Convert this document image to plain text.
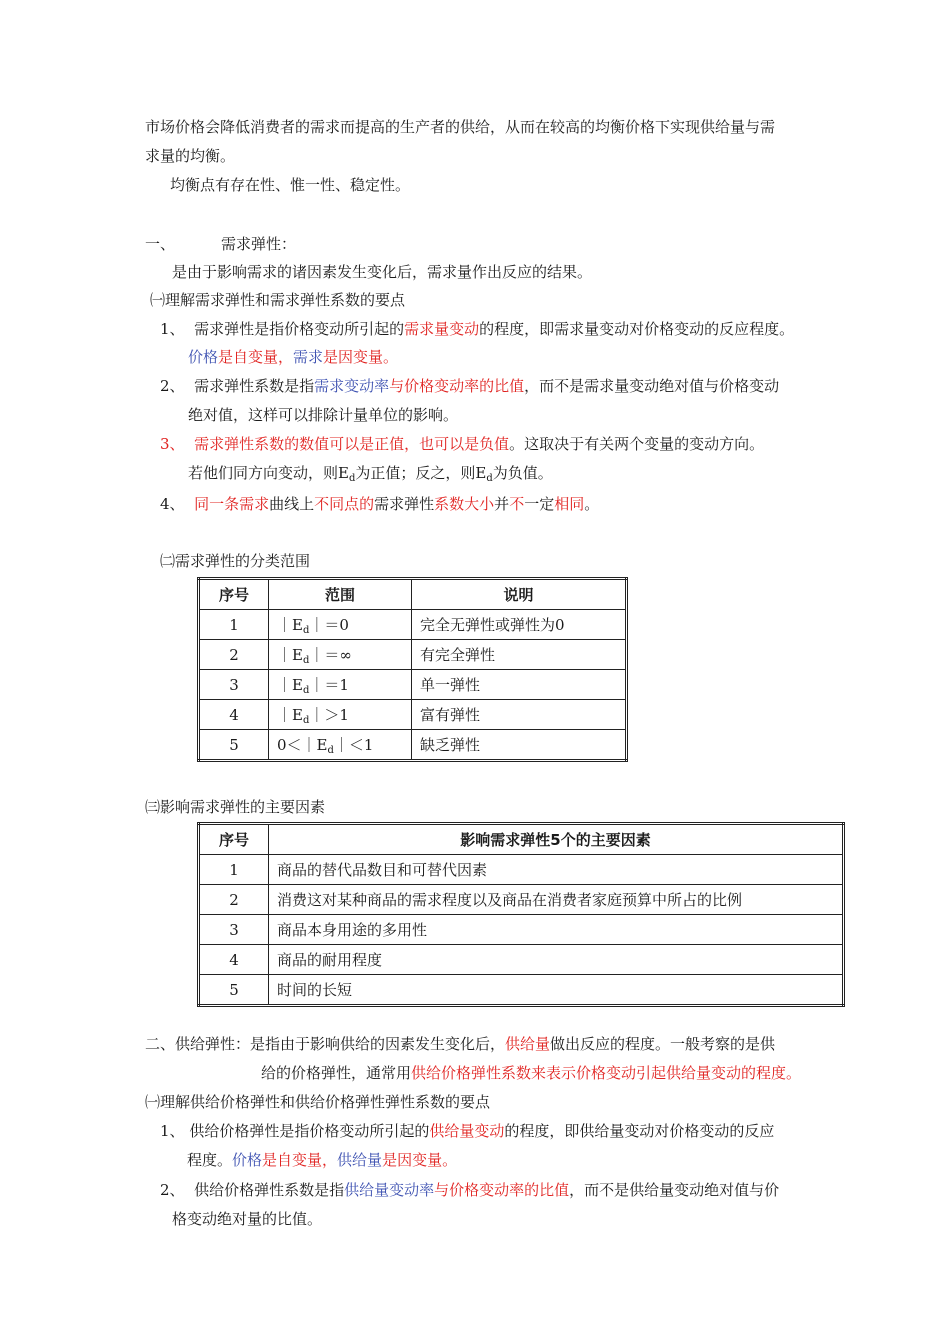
市场价格会降低消费者的需求而提高的生产者的供给，从而在较高的均衡价格下实现供给量与需
求量的均衡。
均衡点有存在性、惟一性、稳定性。
一、	需求弹性：
是由于影响需求的诸因素发生变化后，需求量作出反应的结果。
㈠理解需求弹性和需求弹性系数的要点
1、 需求弹性是指价格变动所引起的需求量变动的程度，即需求量变动对价格变动的反应程度。
价格是自变量，需求是因变量。
2、 需求弹性系数是指需求变动率与价格变动率的比值，而不是需求量变动绝对值与价格变动
绝对值，这样可以排除计量单位的影响。
3、 需求弹性系数的数值可以是正值，也可以是负值。这取决于有关两个变量的变动方向。
若他们同方向变动，则$E_d$为正值；反之，则$E_d$为负值。
4、 同一条需求曲线上不同点的需求弹性系数大小并不一定相同。
㈡需求弹性的分类范围
序号	范围	说明
1	$|E_d|=0$	完全无弹性或弹性为0
2	$|E_d|=\infty$	有完全弹性
3	$|E_d|=1$	单一弹性
4	$|E_d|>1$	富有弹性
5	$0<|E_d|<1$	缺乏弹性
㈢影响需求弹性的主要因素
序号	影响需求弹性5个的主要因素
1	商品的替代品数目和可替代因素
2	消费这对某种商品的需求程度以及商品在消费者家庭预算中所占的比例
3	商品本身用途的多用性
4	商品的耐用程度
5	时间的长短
二、供给弹性：是指由于影响供给的因素发生变化后，供给量做出反应的程度。一般考察的是供
给的价格弹性，通常用供给价格弹性系数来表示价格变动引起供给量变动的程度。
㈠理解供给价格弹性和供给价格弹性弹性系数的要点
1、 供给价格弹性是指价格变动所引起的供给量变动的程度，即供给量变动对价格变动的反应
程度。价格是自变量，供给量是因变量。
2、 供给价格弹性系数是指供给量变动率与价格变动率的比值，而不是供给量变动绝对值与价
格变动绝对量的比值。
